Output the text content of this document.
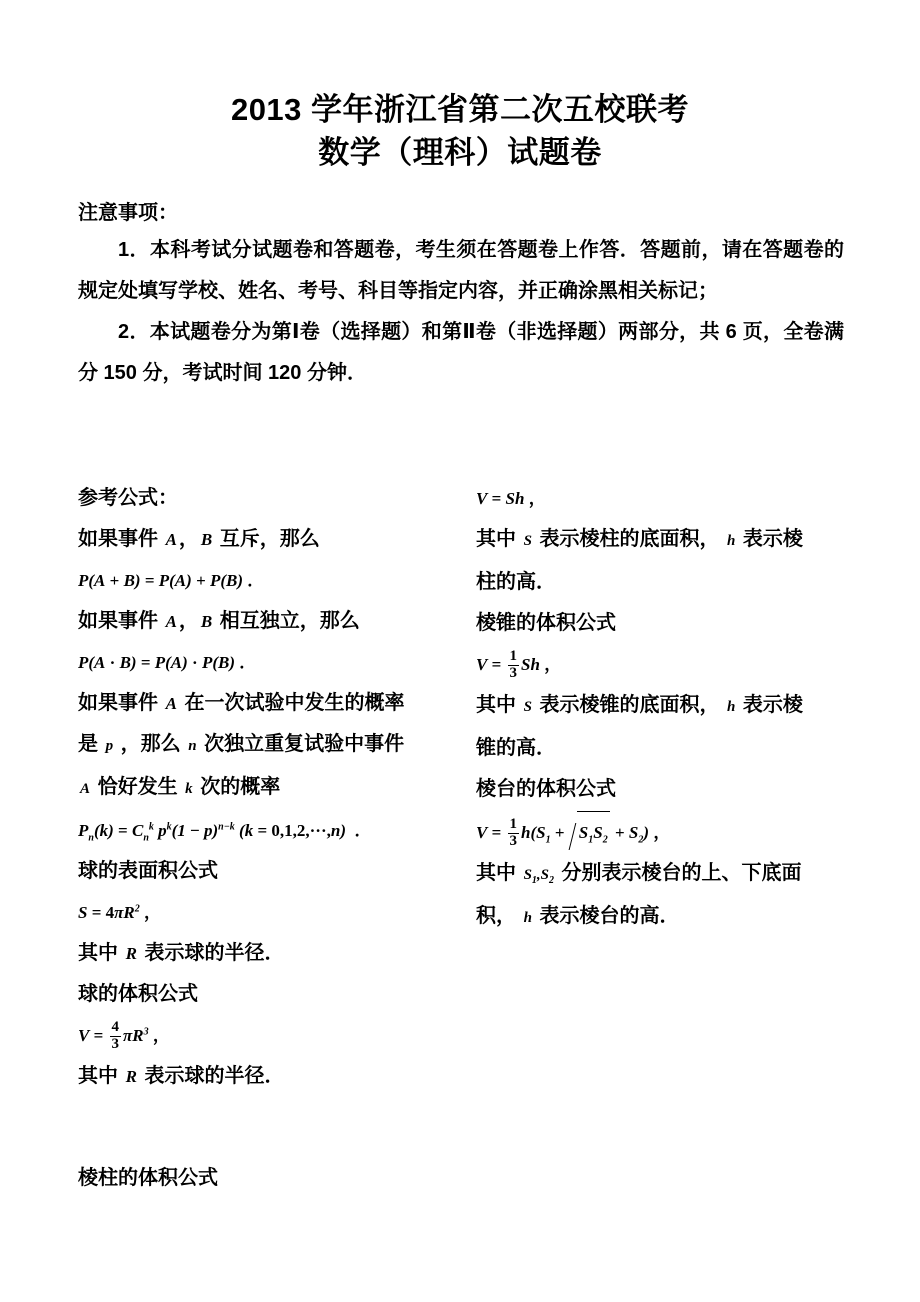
2013 学年浙江省第二次五校联考
数学（理科）试题卷
注意事项：
1．本科考试分试题卷和答题卷，考生须在答题卷上作答．答题前，请在答题卷的规定处填写学校、姓名、考号、科目等指定内容，并正确涂黑相关标记；
2．本试题卷分为第Ⅰ卷（选择题）和第Ⅱ卷（非选择题）两部分，共 6 页，全卷满分 150 分，考试时间 120 分钟．
参考公式：
如果事件 A ， B 互斥，那么
P(A + B) = P(A) + P(B) ．
如果事件 A ， B 相互独立，那么
P(A · B) = P(A) · P(B) ．
如果事件 A 在一次试验中发生的概率
是 p ，那么 n 次独立重复试验中事件
A 恰好发生 k 次的概率
$P_n(k) = C_n^k$ $p^k(1 - p)^{n-k}$ (k = 0,1,2,···,n)  ．
球的表面积公式
$S = 4\pi R^2$ ，
其中 R 表示球的半径．
球的体积公式
$V = \frac{4}{3} \pi R^3$ ，
其中 R 表示球的半径．
棱柱的体积公式
V = Sh ，
其中 S 表示棱柱的底面积， h 表示棱
柱的高．
棱锥的体积公式
$V = \frac{1}{3}$ Sh ，
其中 S 表示棱锥的底面积， h 表示棱
锥的高．
棱台的体积公式
$V = \frac{1}{3} h(S_1 + S_1S_2 + S_2)$ ，
其中 $S_1,S_2$ 分别表示棱台的上、下底面
积， h 表示棱台的高．
